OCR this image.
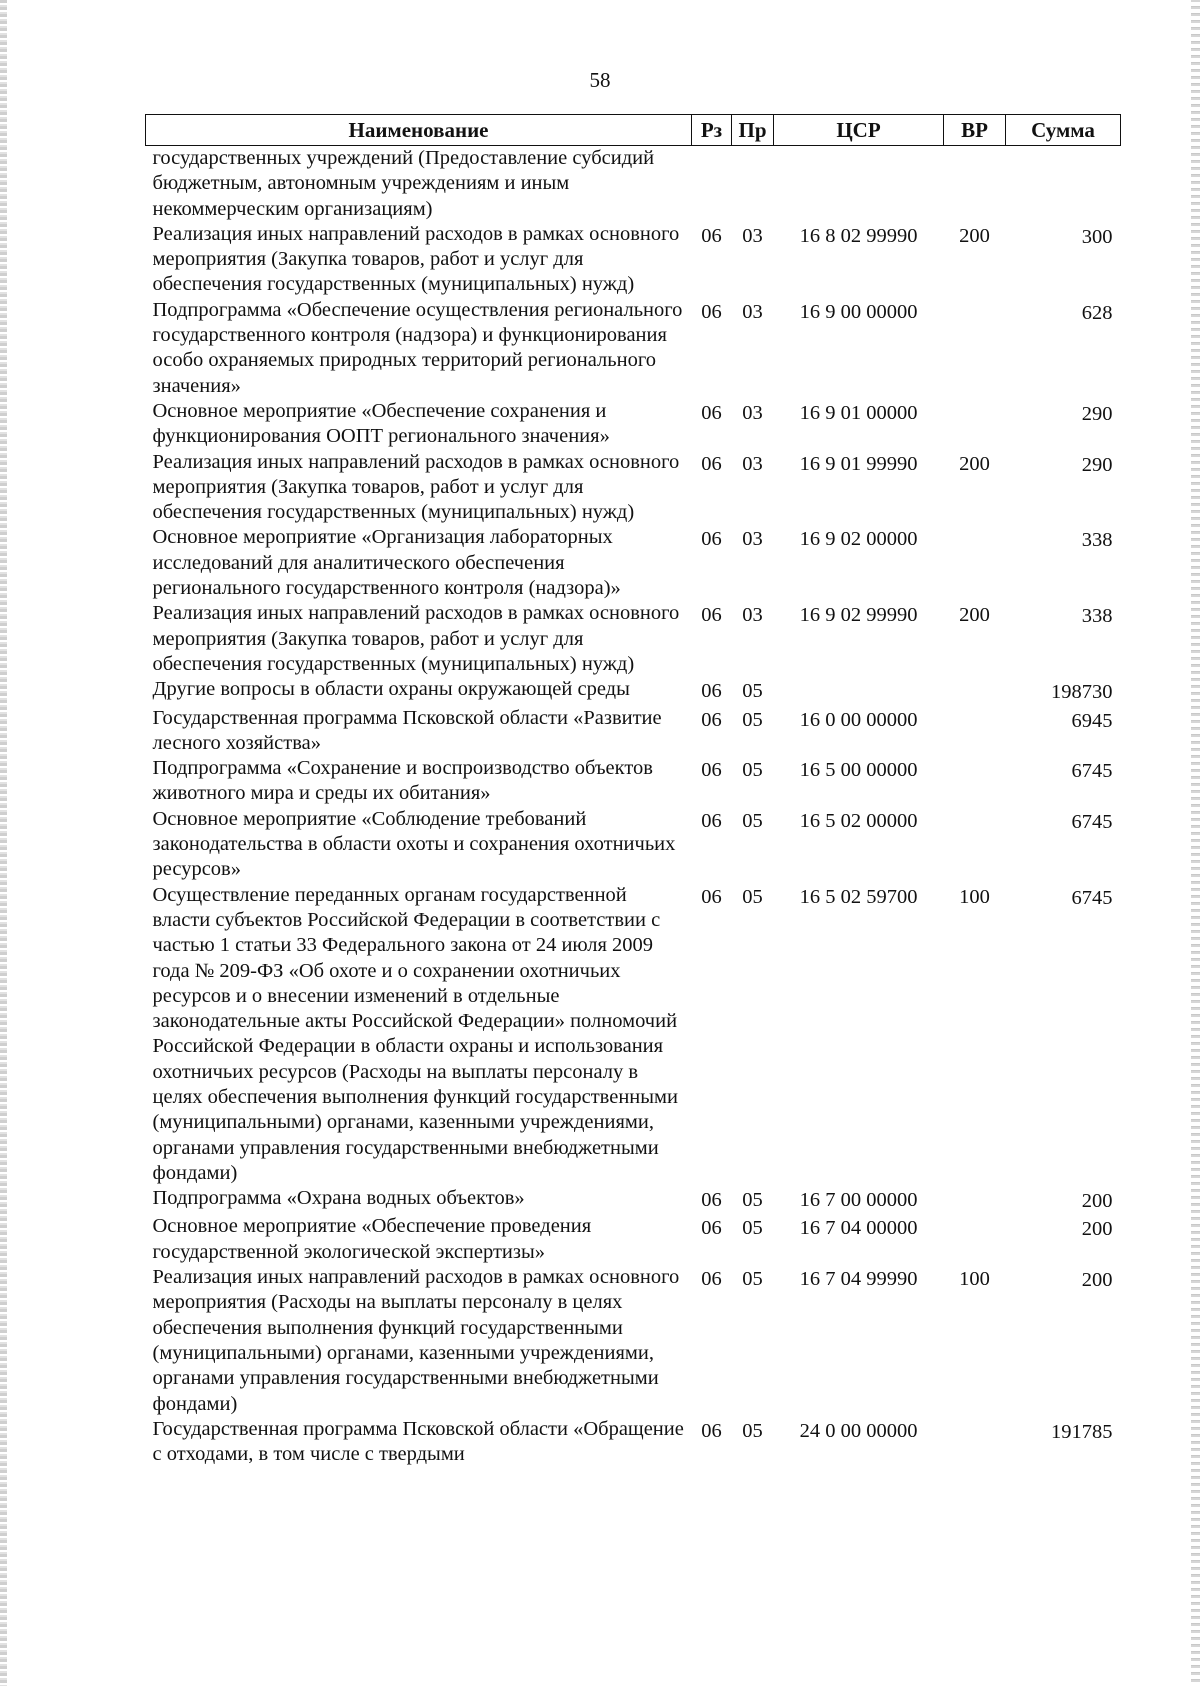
58
Наименование	Рз	Пр	ЦСР	ВР	Сумма
государственных учреждений (Предоставление субсидий бюджетным, автономным учреждениям и иным некоммерческим организациям)					
Реализация иных направлений расходов в рамках основного мероприятия (Закупка товаров, работ и услуг для обеспечения государственных (муниципальных) нужд)	06	03	16 8 02 99990	200	300
Подпрограмма «Обеспечение осуществления регионального государственного контроля (надзора) и функционирования особо охраняемых природных территорий регионального значения»	06	03	16 9 00 00000		628
Основное мероприятие «Обеспечение сохранения и функционирования ООПТ регионального значения»	06	03	16 9 01 00000		290
Реализация иных направлений расходов в рамках основного мероприятия (Закупка товаров, работ и услуг для обеспечения государственных (муниципальных) нужд)	06	03	16 9 01 99990	200	290
Основное мероприятие «Организация лабораторных исследований для аналитического обеспечения регионального государственного контроля (надзора)»	06	03	16 9 02 00000		338
Реализация иных направлений расходов в рамках основного мероприятия (Закупка товаров, работ и услуг для обеспечения государственных (муниципальных) нужд)	06	03	16 9 02 99990	200	338
Другие вопросы в области охраны окружающей среды	06	05			198730
Государственная программа Псковской области «Развитие лесного хозяйства»	06	05	16 0 00 00000		6945
Подпрограмма «Сохранение и воспроизводство объектов животного мира и среды их обитания»	06	05	16 5 00 00000		6745
Основное мероприятие «Соблюдение требований законодательства в области охоты и сохранения охотничьих ресурсов»	06	05	16 5 02 00000		6745
Осуществление переданных органам государственной власти субъектов Российской Федерации в соответствии с частью 1 статьи 33 Федерального закона от 24 июля 2009 года № 209-ФЗ «Об охоте и о сохранении охотничьих ресурсов и о внесении изменений в отдельные законодательные акты Российской Федерации» полномочий Российской Федерации в области охраны и использования охотничьих ресурсов (Расходы на выплаты персоналу в целях обеспечения выполнения функций государственными (муниципальными) органами, казенными учреждениями, органами управления государственными внебюджетными фондами)	06	05	16 5 02 59700	100	6745
Подпрограмма «Охрана водных объектов»	06	05	16 7 00 00000		200
Основное мероприятие «Обеспечение проведения государственной экологической экспертизы»	06	05	16 7 04 00000		200
Реализация иных направлений расходов в рамках основного мероприятия (Расходы на выплаты персоналу в целях обеспечения выполнения функций государственными (муниципальными) органами, казенными учреждениями, органами управления государственными внебюджетными фондами)	06	05	16 7 04 99990	100	200
Государственная программа Псковской области «Обращение с отходами, в том числе с твердыми	06	05	24 0 00 00000		191785
